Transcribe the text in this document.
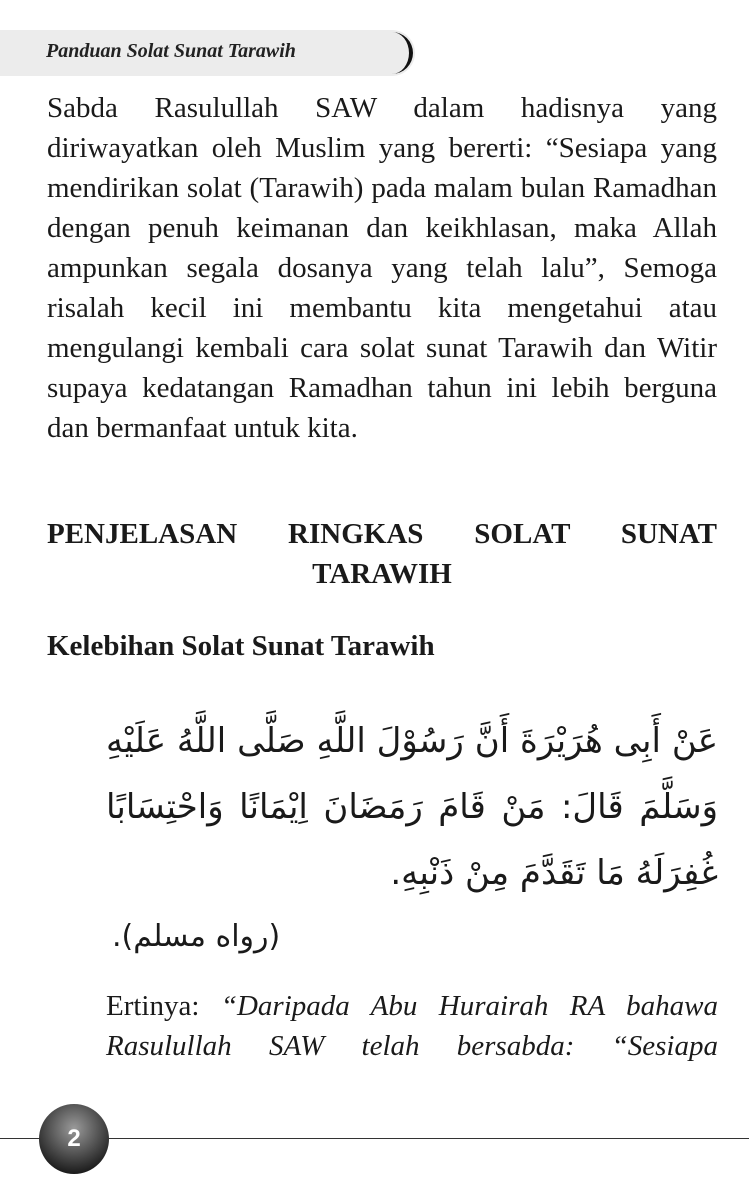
Panduan Solat Sunat Tarawih

Sabda Rasulullah SAW dalam hadisnya yang diriwayatkan oleh Muslim yang bererti: “Sesiapa yang mendirikan solat (Tarawih) pada malam bulan Ramadhan dengan penuh keimanan dan keikhlasan, maka Allah ampunkan segala dosanya yang telah lalu”, Semoga risalah kecil ini membantu kita mengetahui atau mengulangi kembali cara solat sunat Tarawih dan Witir supaya kedatangan Ramadhan tahun ini lebih berguna dan bermanfaat untuk kita.

PENJELASAN RINGKAS SOLAT SUNAT TARAWIH

Kelebihan Solat Sunat Tarawih

عَنْ أَبِى هُرَيْرَةَ أَنَّ رَسُوْلَ اللَّهِ صَلَّى اللَّهُ عَلَيْهِ وَسَلَّمَ قَالَ: مَنْ قَامَ رَمَضَانَ اِيْمَانًا وَاحْتِسَابًا غُفِرَلَهُ مَا تَقَدَّمَ مِنْ ذَنْبِهِ.

(رواه مسلم).

Ertinya: “Daripada Abu Hurairah RA bahawa Rasulullah SAW telah bersabda: “Sesiapa

2
